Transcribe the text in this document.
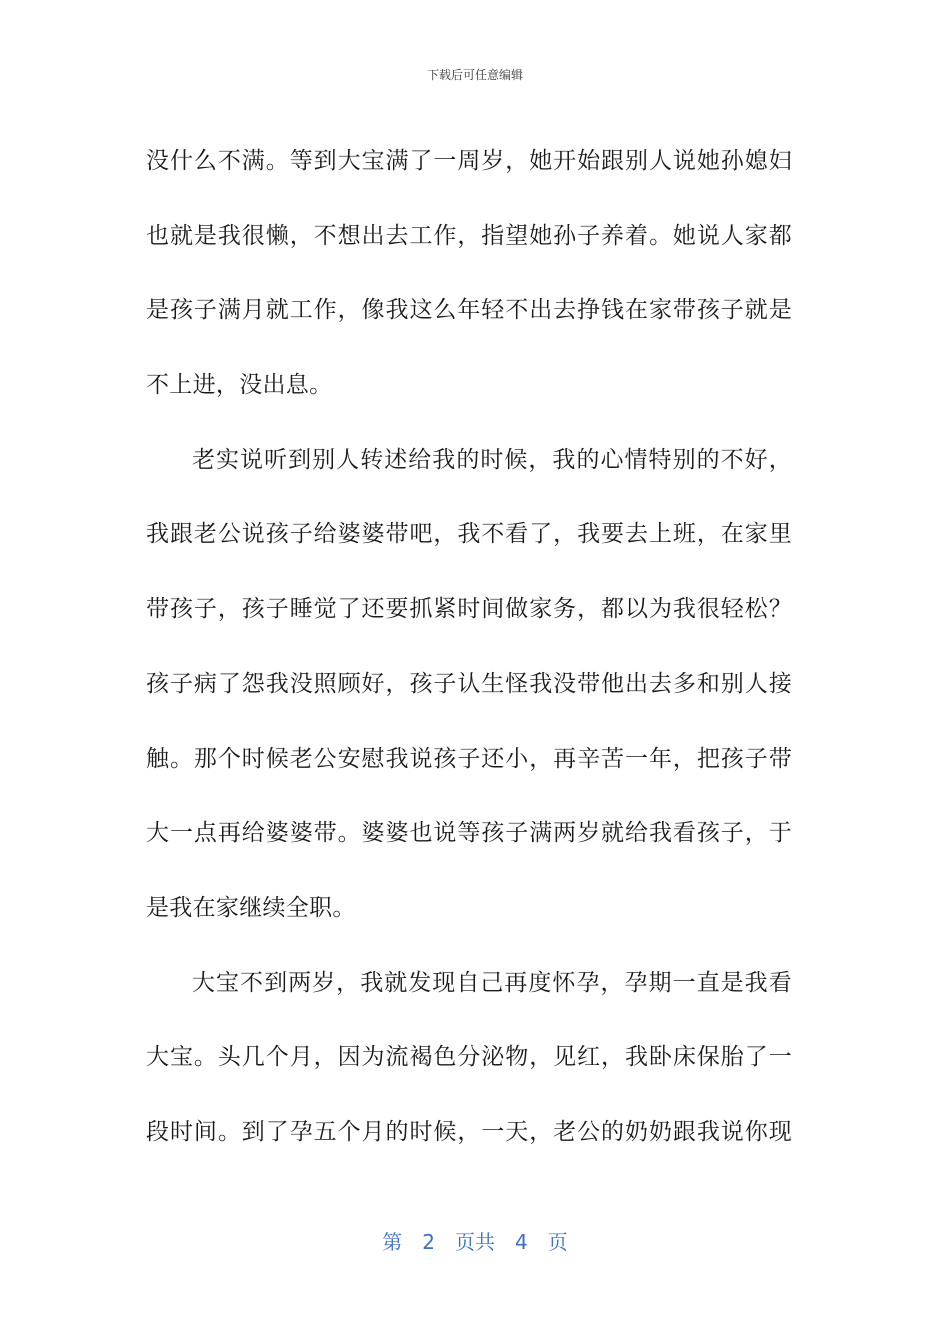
下载后可任意编辑
没什么不满。等到大宝满了一周岁，她开始跟别人说她孙媳妇
也就是我很懒，不想出去工作，指望她孙子养着。她说人家都
是孩子满月就工作，像我这么年轻不出去挣钱在家带孩子就是
不上进，没出息。
老实说听到别人转述给我的时候，我的心情特别的不好，
我跟老公说孩子给婆婆带吧，我不看了，我要去上班，在家里
带孩子，孩子睡觉了还要抓紧时间做家务，都以为我很轻松？
孩子病了怨我没照顾好，孩子认生怪我没带他出去多和别人接
触。那个时候老公安慰我说孩子还小，再辛苦一年，把孩子带
大一点再给婆婆带。婆婆也说等孩子满两岁就给我看孩子，于
是我在家继续全职。
大宝不到两岁，我就发现自己再度怀孕，孕期一直是我看
大宝。头几个月，因为流褐色分泌物，见红，我卧床保胎了一
段时间。到了孕五个月的时候，一天，老公的奶奶跟我说你现
第 2 页共 4 页
